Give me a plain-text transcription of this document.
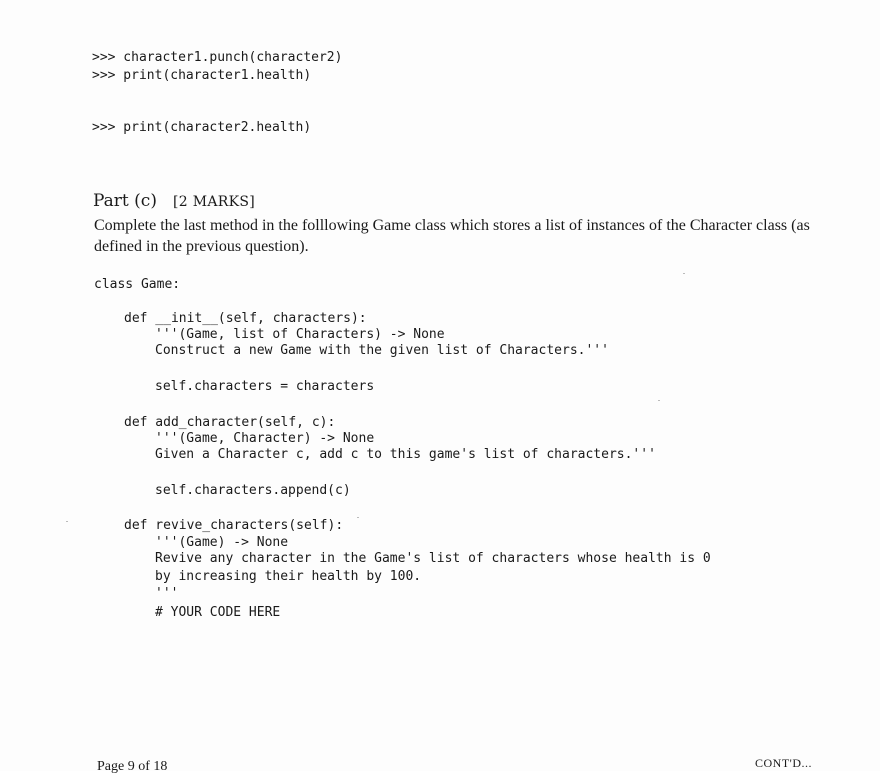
>>> character1.punch(character2)
>>> print(character1.health)
>>> print(character2.health)
Part (c) [2 MARKS]
Complete the last method in the folllowing Game class which stores a list of instances of the Character class (as defined in the previous question).
class Game:
def __init__(self, characters):
'''(Game, list of Characters) -> None
Construct a new Game with the given list of Characters.'''
self.characters = characters
def add_character(self, c):
'''(Game, Character) -> None
Given a Character c, add c to this game's list of characters.'''
self.characters.append(c)
def revive_characters(self):
'''(Game) -> None
Revive any character in the Game's list of characters whose health is 0
by increasing their health by 100.
'''
# YOUR CODE HERE
Page 9 of 18	CONT'D...
